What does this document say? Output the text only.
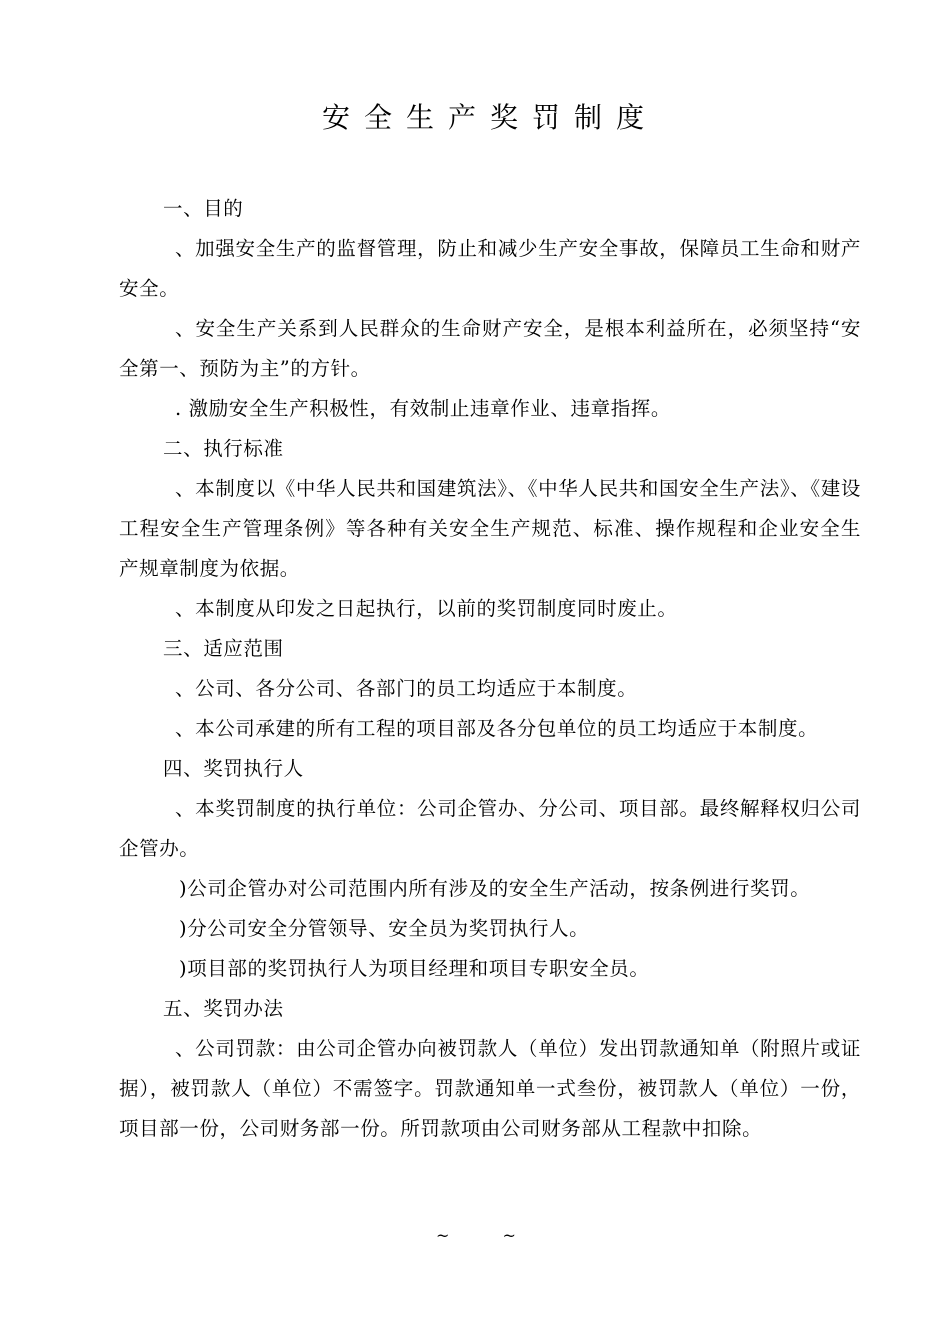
安全生产奖罚制度

一、目的

、加强安全生产的监督管理，防止和减少生产安全事故，保障员工生命和财产安全。

、安全生产关系到人民群众的生命财产安全，是根本利益所在，必须坚持“安全第一、预防为主”的方针。

. 激励安全生产积极性，有效制止违章作业、违章指挥。

二、执行标准

、本制度以《中华人民共和国建筑法》、《中华人民共和国安全生产法》、《建设工程安全生产管理条例》等各种有关安全生产规范、标准、操作规程和企业安全生产规章制度为依据。

、本制度从印发之日起执行，以前的奖罚制度同时废止。

三、适应范围

、公司、各分公司、各部门的员工均适应于本制度。

、本公司承建的所有工程的项目部及各分包单位的员工均适应于本制度。

四、奖罚执行人

、本奖罚制度的执行单位：公司企管办、分公司、项目部。最终解释权归公司企管办。

)公司企管办对公司范围内所有涉及的安全生产活动，按条例进行奖罚。

)分公司安全分管领导、安全员为奖罚执行人。

)项目部的奖罚执行人为项目经理和项目专职安全员。

五、奖罚办法

、公司罚款：由公司企管办向被罚款人（单位）发出罚款通知单（附照片或证据），被罚款人（单位）不需签字。罚款通知单一式叁份，被罚款人（单位）一份，项目部一份，公司财务部一份。所罚款项由公司财务部从工程款中扣除。

~ ~
